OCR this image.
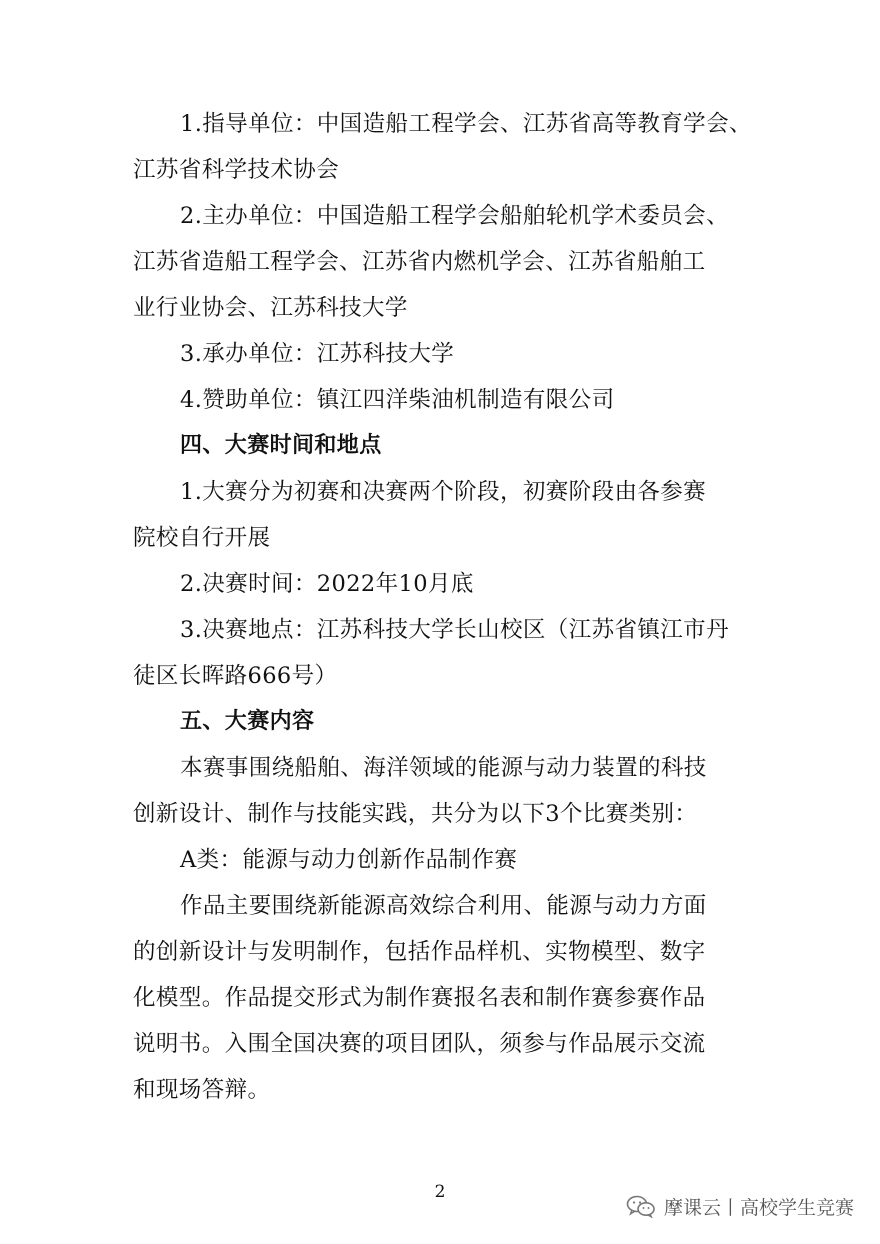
1.指导单位：中国造船工程学会、江苏省高等教育学会、
江苏省科学技术协会
2.主办单位：中国造船工程学会船舶轮机学术委员会、
江苏省造船工程学会、江苏省内燃机学会、江苏省船舶工
业行业协会、江苏科技大学
3.承办单位：江苏科技大学
4.赞助单位：镇江四洋柴油机制造有限公司
四、大赛时间和地点
1.大赛分为初赛和决赛两个阶段，初赛阶段由各参赛
院校自行开展
2.决赛时间：2022年10月底
3.决赛地点：江苏科技大学长山校区（江苏省镇江市丹
徒区长晖路666号）
五、大赛内容
本赛事围绕船舶、海洋领域的能源与动力装置的科技
创新设计、制作与技能实践，共分为以下3个比赛类别：
A类：能源与动力创新作品制作赛
作品主要围绕新能源高效综合利用、能源与动力方面
的创新设计与发明制作，包括作品样机、实物模型、数字
化模型。作品提交形式为制作赛报名表和制作赛参赛作品
说明书。入围全国决赛的项目团队，须参与作品展示交流
和现场答辩。
2
摩课云丨高校学生竞赛
